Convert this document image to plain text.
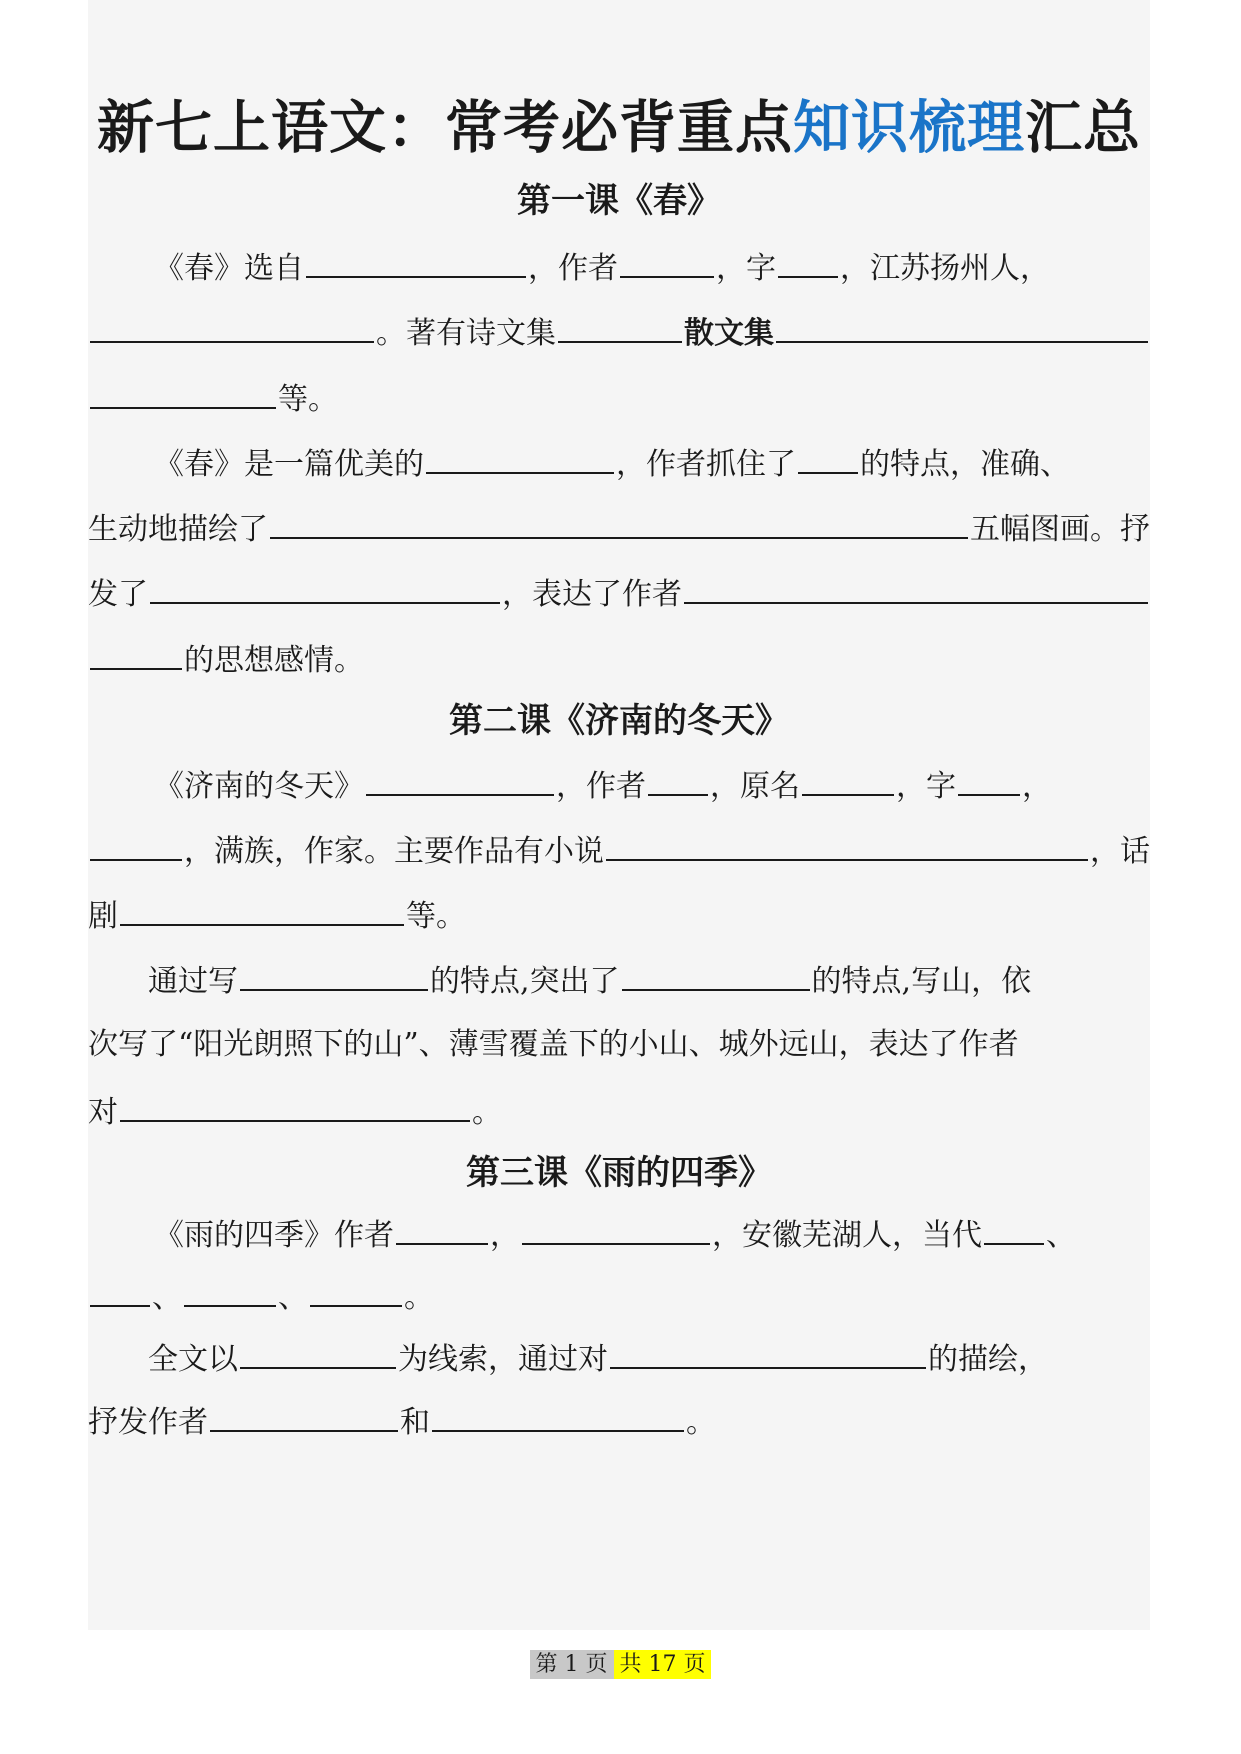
新七上语文：常考必背重点知识梳理汇总
第一课《春》
《春》选自	，作者	，字 ，江苏扬州人，
。著有诗文集	散文集
等。
《春》是一篇优美的	，作者抓住了 的特点，准确、
生动地描绘了	五幅图画。抒
发了	，表达了作者
的思想感情。
第二课《济南的冬天》
《济南的冬天》	，作者 ，原名	，字 ，
，满族，作家。主要作品有小说	，话
剧	等。
通过写	的特点,突出了	的特点,写山，依
次写了“阳光朗照下的山”、薄雪覆盖下的小山、城外远山，表达了作者
对	。
第三课《雨的四季》
《雨的四季》作者	，	，安徽芜湖人，当代 、
、	、	。
全文以	为线索，通过对	的描绘，
抒发作者	和	。
第 1 页 共 17 页
